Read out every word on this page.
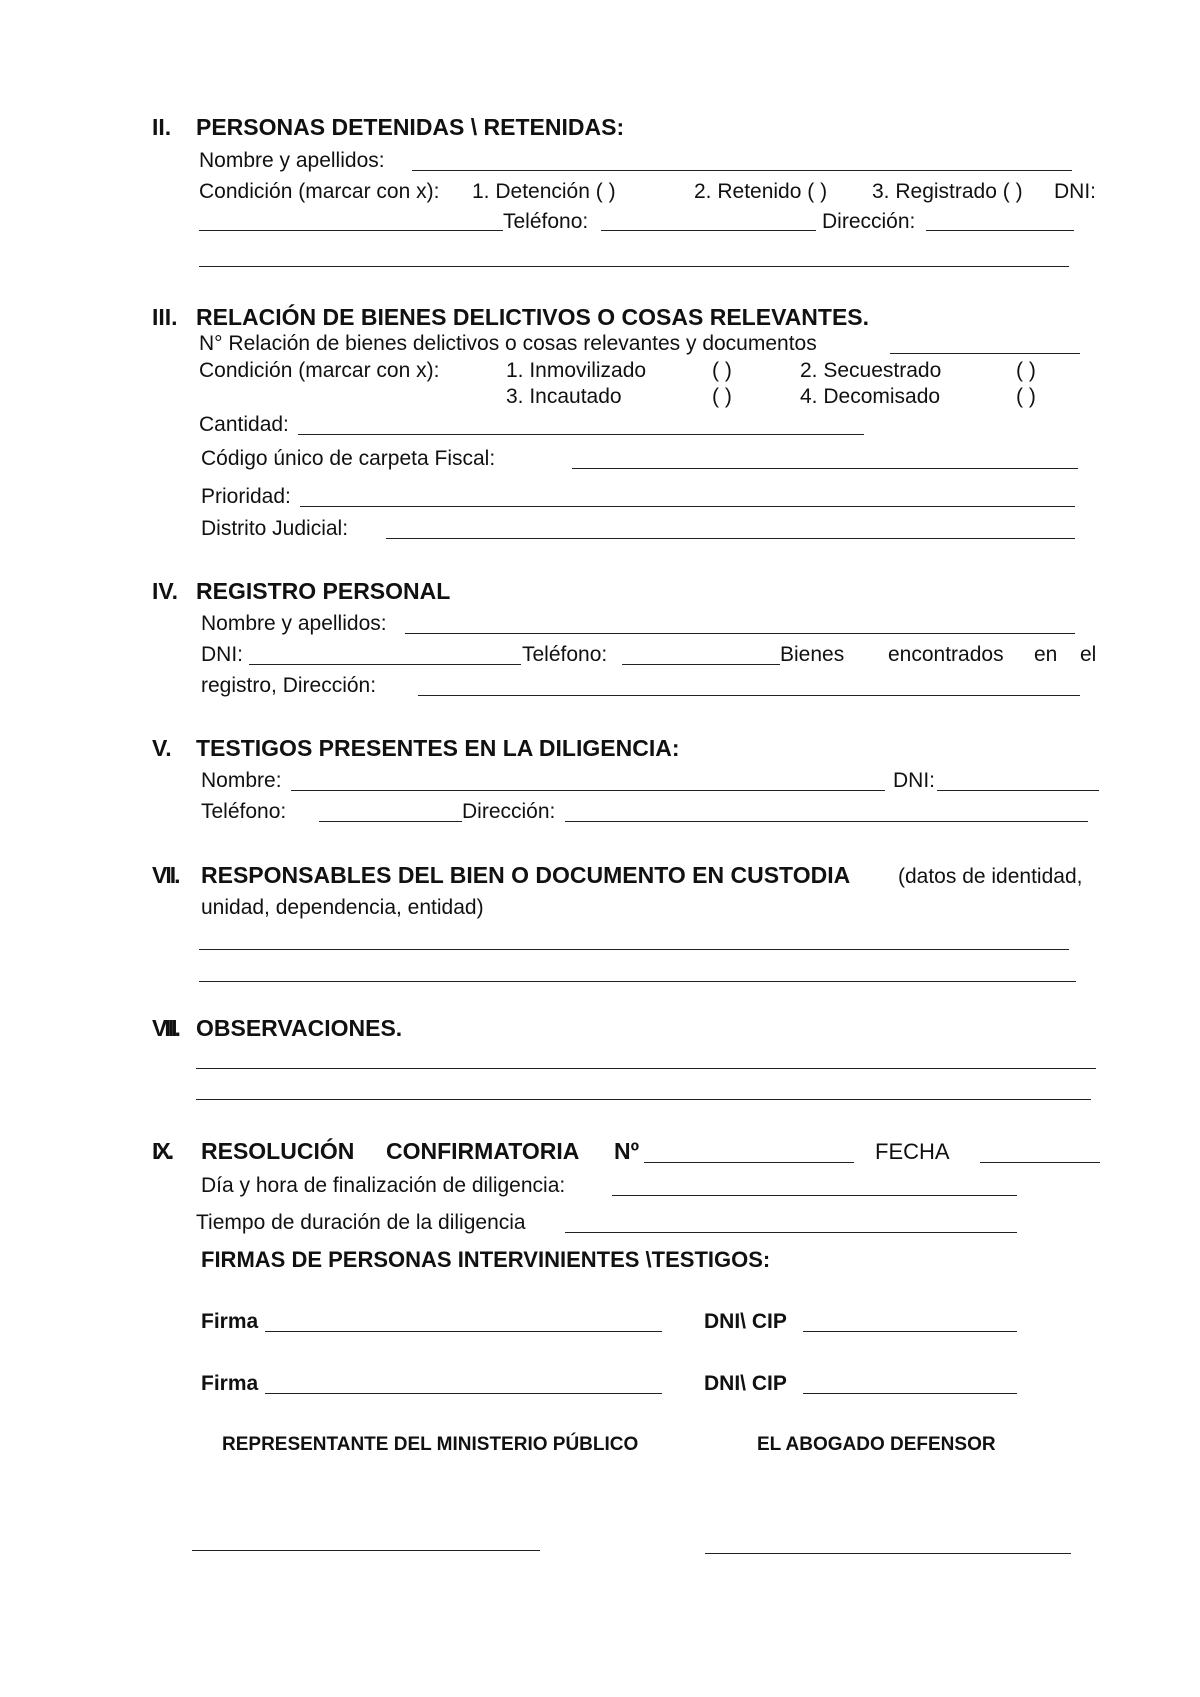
II. PERSONAS DETENIDAS \ RETENIDAS:
Nombre y apellidos:
Condición (marcar con x): 1. Detención ( )	2. Retenido ( ) 3. Registrado ( ) DNI:
Teléfono:	Dirección:
III. RELACIÓN DE BIENES DELICTIVOS O COSAS RELEVANTES.
N° Relación de bienes delictivos o cosas relevantes y documentos
Condición (marcar con x):	1. Inmovilizado	( )	2. Secuestrado	( )
3. Incautado	( )	4. Decomisado	( )
Cantidad:
Código único de carpeta Fiscal:
Prioridad:
Distrito Judicial:
IV. REGISTRO PERSONAL
Nombre y apellidos:
DNI:	Teléfono:	Bienes encontrados en el
registro, Dirección:
V. TESTIGOS PRESENTES EN LA DILIGENCIA:
Nombre:	DNI:
Teléfono:	Dirección:
VII. RESPONSABLES DEL BIEN O DOCUMENTO EN CUSTODIA (datos de identidad,
unidad, dependencia, entidad)
VIII. OBSERVACIONES.
IX. RESOLUCIÓN CONFIRMATORIA Nº	FECHA
Día y hora de finalización de diligencia:
Tiempo de duración de la diligencia
FIRMAS DE PERSONAS INTERVINIENTES \TESTIGOS:
Firma	DNI\ CIP
Firma	DNI\ CIP
REPRESENTANTE DEL MINISTERIO PÚBLICO	EL ABOGADO DEFENSOR
